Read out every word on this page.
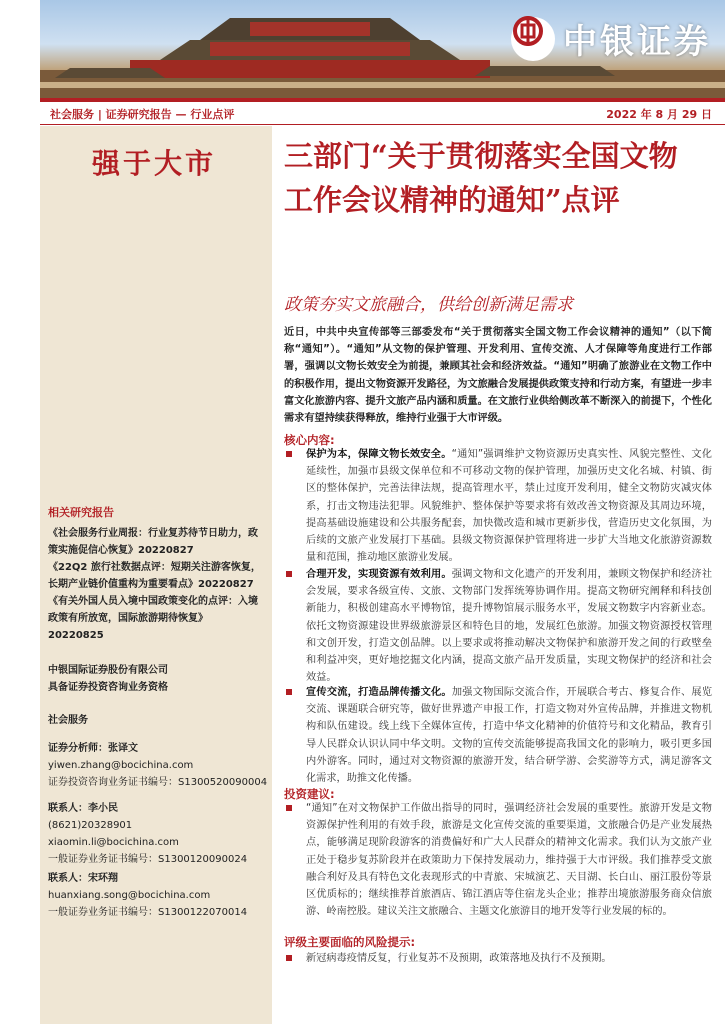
中银证券
社会服务 | 证券研究报告 — 行业点评	2022 年 8 月 29 日
强于大市
相关研究报告
《社会服务行业周报：行业复苏待节日助力，政策实施促信心恢复》20220827
《22Q2 旅行社数据点评：短期关注游客恢复，长期产业链价值重构为重要看点》20220827
《有关外国人员入境中国政策变化的点评：入境政策有所放宽，国际旅游期待恢复》20220825
中银国际证券股份有限公司
具备证券投资咨询业务资格
社会服务
证券分析师：张译文
yiwen.zhang@bocichina.com
证券投资咨询业务证书编号：S1300520090004
联系人：李小民
(8621)20328901
xiaomin.li@bocichina.com
一般证券业务证书编号：S1300120090024
联系人：宋环翔
huanxiang.song@bocichina.com
一般证券业务证书编号：S1300122070014
三部门“关于贯彻落实全国文物工作会议精神的通知”点评
政策夯实文旅融合，供给创新满足需求
近日，中共中央宣传部等三部委发布“关于贯彻落实全国文物工作会议精神的通知”（以下简称“通知”）。“通知”从文物的保护管理、开发利用、宣传交流、人才保障等角度进行工作部署，强调以文物长效安全为前提，兼顾其社会和经济效益。“通知”明确了旅游业在文物工作中的积极作用，提出文物资源开发路径，为文旅融合发展提供政策支持和行动方案，有望进一步丰富文化旅游内容、提升文旅产品内涵和质量。在文旅行业供给侧改革不断深入的前提下，个性化需求有望持续获得释放，维持行业强于大市评级。
核心内容:
保护为本，保障文物长效安全。“通知”强调维护文物资源历史真实性、风貌完整性、文化延续性，加强市县级文保单位和不可移动文物的保护管理，加强历史文化名城、村镇、街区的整体保护，完善法律法规，提高管理水平，禁止过度开发利用，健全文物防灾减灾体系，打击文物违法犯罪。风貌维护、整体保护等要求将有效改善文物资源及其周边环境，提高基础设施建设和公共服务配套，加快微改造和城市更新步伐，营造历史文化氛围，为后续的文旅产业发展打下基础。县级文物资源保护管理将进一步扩大当地文化旅游资源数量和范围，推动地区旅游业发展。
合理开发，实现资源有效利用。强调文物和文化遗产的开发利用，兼顾文物保护和经济社会发展，要求各级宣传、文旅、文物部门发挥统筹协调作用。提高文物研究阐释和科技创新能力，积极创建高水平博物馆，提升博物馆展示服务水平，发展文物数字内容新业态。依托文物资源建设世界级旅游景区和特色目的地，发展红色旅游。加强文物资源授权管理和文创开发，打造文创品牌。以上要求或将推动解决文物保护和旅游开发之间的行政壁垒和利益冲突，更好地挖掘文化内涵，提高文旅产品开发质量，实现文物保护的经济和社会效益。
宣传交流，打造品牌传播文化。加强文物国际交流合作，开展联合考古、修复合作、展览交流、课题联合研究等，做好世界遗产申报工作，打造文物对外宣传品牌，并推进文物机构和队伍建设。线上线下全媒体宣传，打造中华文化精神的价值符号和文化精品，教育引导人民群众认识认同中华文明。文物的宣传交流能够提高我国文化的影响力，吸引更多国内外游客。同时，通过对文物资源的旅游开发，结合研学游、会奖游等方式，满足游客文化需求，助推文化传播。
投资建议:
“通知”在对文物保护工作做出指导的同时，强调经济社会发展的重要性。旅游开发是文物资源保护性利用的有效手段，旅游是文化宣传交流的重要渠道，文旅融合仍是产业发展热点，能够满足现阶段游客的消费偏好和广大人民群众的精神文化需求。我们认为文旅产业正处于稳步复苏阶段并在政策助力下保持发展动力，维持强于大市评级。我们推荐受文旅融合利好及具有特色文化表现形式的中青旅、宋城演艺、天目湖、长白山、丽江股份等景区优质标的；继续推荐首旅酒店、锦江酒店等住宿龙头企业；推荐出境旅游服务商众信旅游、岭南控股。建议关注文旅融合、主题文化旅游目的地开发等行业发展的标的。
评级主要面临的风险提示:
新冠病毒疫情反复，行业复苏不及预期，政策落地及执行不及预期。
